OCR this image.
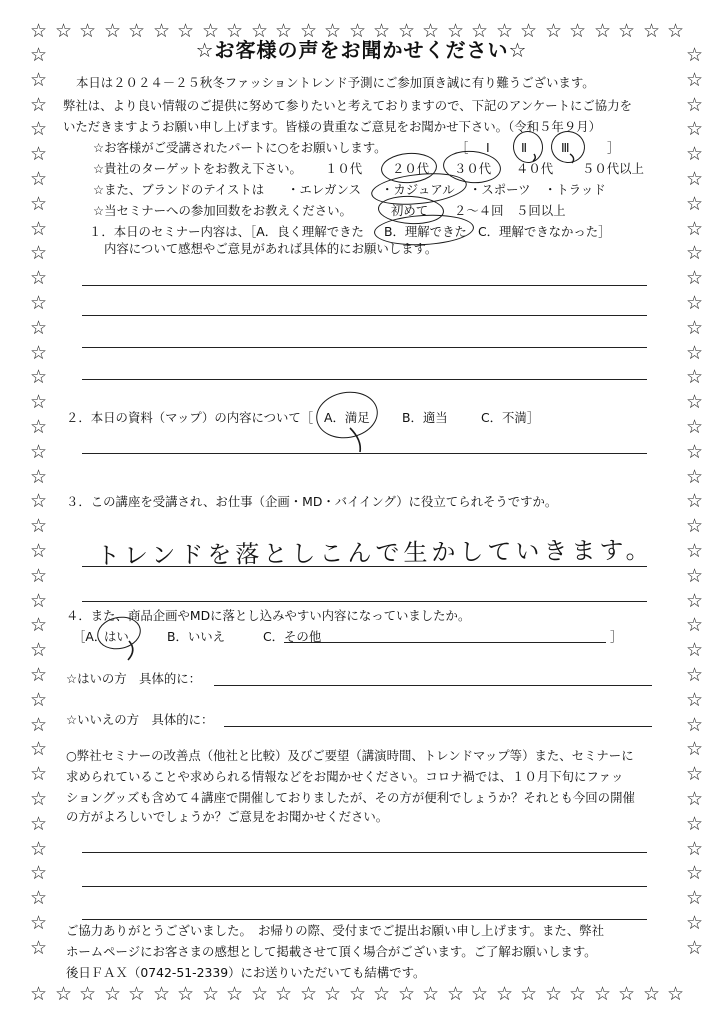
☆
☆
☆
☆
☆
☆
☆
☆
☆
☆
☆
☆
☆
☆
☆
☆
☆
☆
☆
☆
☆
☆
☆
☆
☆
☆
☆
☆
☆
☆
☆
☆
☆
☆
☆
☆
☆
☆
☆
☆
☆
☆
☆
☆
☆
☆
☆
☆
☆
☆
☆
☆
☆
☆
☆	☆
☆	☆
☆	☆
☆	☆
☆	☆
☆	☆
☆	☆
☆	☆
☆	☆
☆	☆
☆	☆
☆	☆
☆	☆
☆	☆
☆	☆
☆	☆
☆	☆
☆	☆
☆	☆
☆	☆
☆	☆
☆	☆
☆	☆
☆	☆
☆	☆
☆	☆
☆	☆
☆	☆
☆	☆
☆	☆
☆	☆
☆	☆
☆	☆
☆	☆
☆	☆
☆	☆
☆	☆
☆お客様の声をお聞かせください☆
本日は２０２４－２５秋冬ファッショントレンド予測にご参加頂き誠に有り難うございます。
弊社は、より良い情報のご提供に努めて参りたいと考えておりますので、下記のアンケートにご協力を
いただきますようお願い申し上げます。皆様の貴重なご意見をお聞かせ下さい。（令和５年９月）
☆お客様がご受講されたパートに○をお願いします。	［ Ⅰ	Ⅱ	Ⅲ	］
☆貴社のターゲットをお教え下さい。 １０代 ２０代 ３０代 ４０代 ５０代以上
☆また、ブランドのテイストは ・エレガンス ・カジュアル ・スポーツ ・トラッド
☆当セミナーへの参加回数をお教えください。	初めて ２～４回 ５回以上
１．本日のセミナー内容は、［A．良く理解できた B．理解できた C．理解できなかった］
内容について感想やご意見があれば具体的にお願いします。
２．本日の資料（マップ）の内容について［ A．満足	B．適当	C．不満］
３．この講座を受講され、お仕事（企画・MD・バイイング）に役立てられそうですか。
トレンドを落としこんで生かしていきます。
４．また、商品企画やMDに落とし込みやすい内容になっていましたか。
［A．
はい	B．いいえ	C．その他	］
☆はいの方　具体的に：
☆いいえの方　具体的に：
○弊社セミナーの改善点（他社と比較）及びご要望（講演時間、トレンドマップ等）また、セミナーに
求められていることや求められる情報などをお聞かせください。コロナ禍では、１０月下旬にファッ
ショングッズも含めて４講座で開催しておりましたが、その方が便利でしょうか？それとも今回の開催
の方がよろしいでしょうか？ご意見をお聞かせください。
ご協力ありがとうございました。　お帰りの際、受付までご提出お願い申し上げます。また、弊社
ホームページにお客さまの感想として掲載させて頂く場合がございます。ご了解お願いします。
後日ＦＡＸ（0742-51-2339）にお送りいただいても結構です。
